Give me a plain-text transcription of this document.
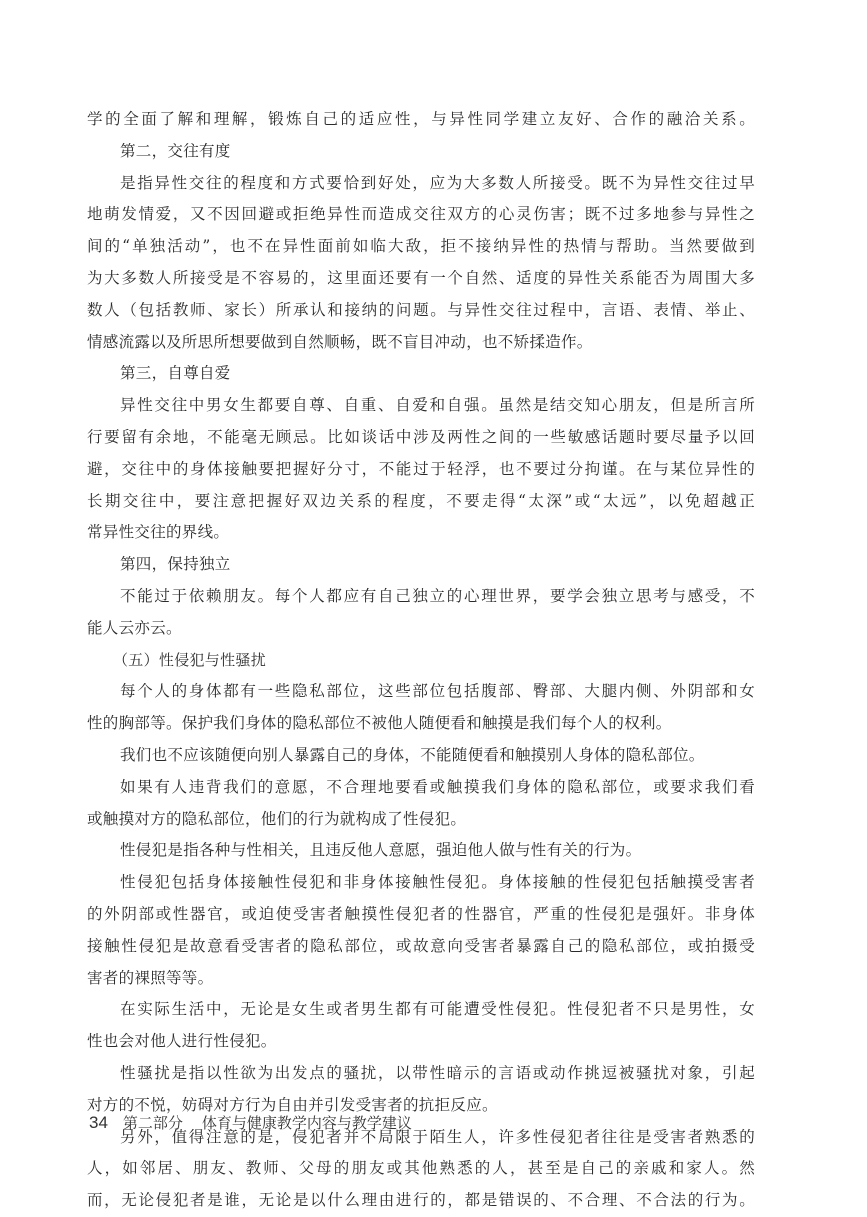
学的全面了解和理解，锻炼自己的适应性，与异性同学建立友好、合作的融洽关系。
第二，交往有度
是指异性交往的程度和方式要恰到好处，应为大多数人所接受。既不为异性交往过早
地萌发情爱，又不因回避或拒绝异性而造成交往双方的心灵伤害；既不过多地参与异性之
间的“单独活动”，也不在异性面前如临大敌，拒不接纳异性的热情与帮助。当然要做到
为大多数人所接受是不容易的，这里面还要有一个自然、适度的异性关系能否为周围大多
数人（包括教师、家长）所承认和接纳的问题。与异性交往过程中，言语、表情、举止、
情感流露以及所思所想要做到自然顺畅，既不盲目冲动，也不矫揉造作。
第三，自尊自爱
异性交往中男女生都要自尊、自重、自爱和自强。虽然是结交知心朋友，但是所言所
行要留有余地，不能毫无顾忌。比如谈话中涉及两性之间的一些敏感话题时要尽量予以回
避，交往中的身体接触要把握好分寸，不能过于轻浮，也不要过分拘谨。在与某位异性的
长期交往中，要注意把握好双边关系的程度，不要走得“太深”或“太远”，以免超越正
常异性交往的界线。
第四，保持独立
不能过于依赖朋友。每个人都应有自己独立的心理世界，要学会独立思考与感受，不
能人云亦云。
（五）性侵犯与性骚扰
每个人的身体都有一些隐私部位，这些部位包括腹部、臀部、大腿内侧、外阴部和女
性的胸部等。保护我们身体的隐私部位不被他人随便看和触摸是我们每个人的权利。
我们也不应该随便向别人暴露自己的身体，不能随便看和触摸别人身体的隐私部位。
如果有人违背我们的意愿，不合理地要看或触摸我们身体的隐私部位，或要求我们看
或触摸对方的隐私部位，他们的行为就构成了性侵犯。
性侵犯是指各种与性相关，且违反他人意愿，强迫他人做与性有关的行为。
性侵犯包括身体接触性侵犯和非身体接触性侵犯。身体接触的性侵犯包括触摸受害者
的外阴部或性器官，或迫使受害者触摸性侵犯者的性器官，严重的性侵犯是强奸。非身体
接触性侵犯是故意看受害者的隐私部位，或故意向受害者暴露自己的隐私部位，或拍摄受
害者的裸照等等。
在实际生活中，无论是女生或者男生都有可能遭受性侵犯。性侵犯者不只是男性，女
性也会对他人进行性侵犯。
性骚扰是指以性欲为出发点的骚扰，以带性暗示的言语或动作挑逗被骚扰对象，引起
对方的不悦，妨碍对方行为自由并引发受害者的抗拒反应。
另外，值得注意的是，侵犯者并不局限于陌生人，许多性侵犯者往往是受害者熟悉的
人，如邻居、朋友、教师、父母的朋友或其他熟悉的人，甚至是自己的亲戚和家人。然
而，无论侵犯者是谁，无论是以什么理由进行的，都是错误的、不合理、不合法的行为。
34 第二部分 体育与健康教学内容与教学建议
